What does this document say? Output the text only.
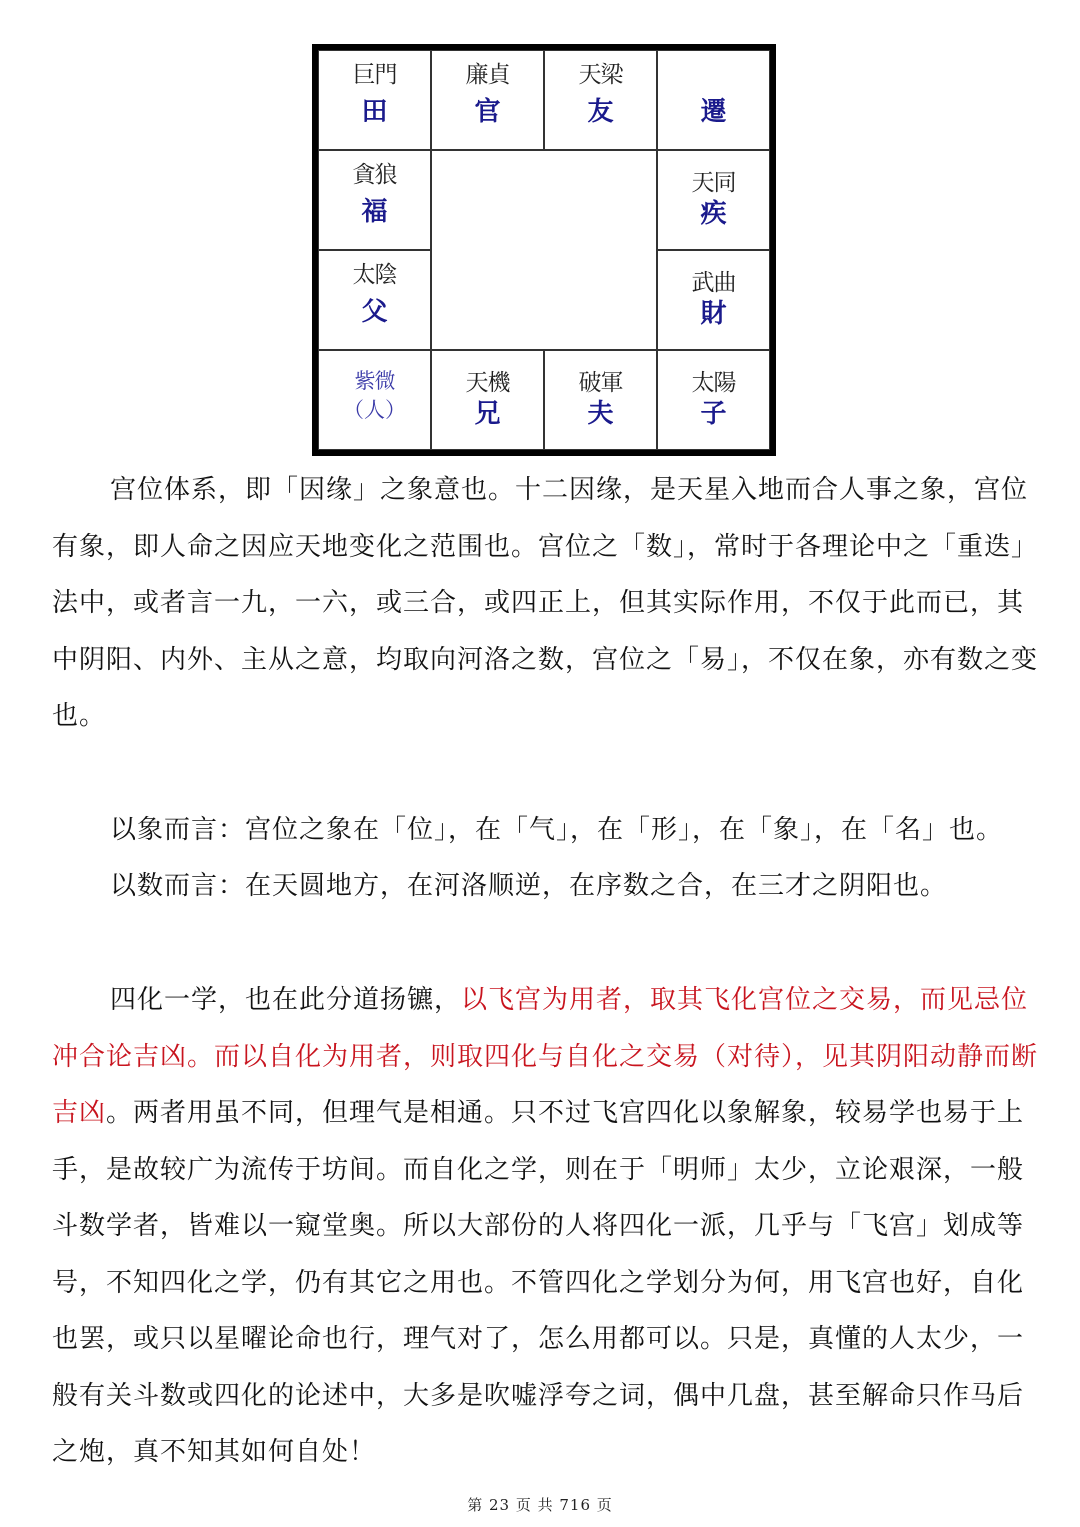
巨門
田
廉貞
官
天梁
友	遷
貪狼
福
天同
疾
太陰
父
武曲
財
紫微
（人）
天機
兄
破軍
夫
太陽
子

宫位体系，即「因缘」之象意也。十二因缘，是天星入地而合人事之象，宫位有象，即人命之因应天地变化之范围也。宫位之「数」，常时于各理论中之「重迭」法中，或者言一九，一六，或三合，或四正上，但其实际作用，不仅于此而已，其中阴阳、内外、主从之意，均取向河洛之数，宫位之「易」，不仅在象，亦有数之变也。

以象而言：宫位之象在「位」，在「气」，在「形」，在「象」，在「名」也。

以数而言：在天圆地方，在河洛顺逆，在序数之合，在三才之阴阳也。

四化一学，也在此分道扬镳，以飞宫为用者，取其飞化宫位之交易，而见忌位冲合论吉凶。而以自化为用者，则取四化与自化之交易（对待），见其阴阳动静而断吉凶。两者用虽不同，但理气是相通。只不过飞宫四化以象解象，较易学也易于上手，是故较广为流传于坊间。而自化之学，则在于「明师」太少，立论艰深，一般斗数学者，皆难以一窥堂奥。所以大部份的人将四化一派，几乎与「飞宫」划成等号，不知四化之学，仍有其它之用也。不管四化之学划分为何，用飞宫也好，自化也罢，或只以星曜论命也行，理气对了，怎么用都可以。只是，真懂的人太少，一般有关斗数或四化的论述中，大多是吹嘘浮夸之词，偶中几盘，甚至解命只作马后之炮，真不知其如何自处！

第 23 页 共 716 页
